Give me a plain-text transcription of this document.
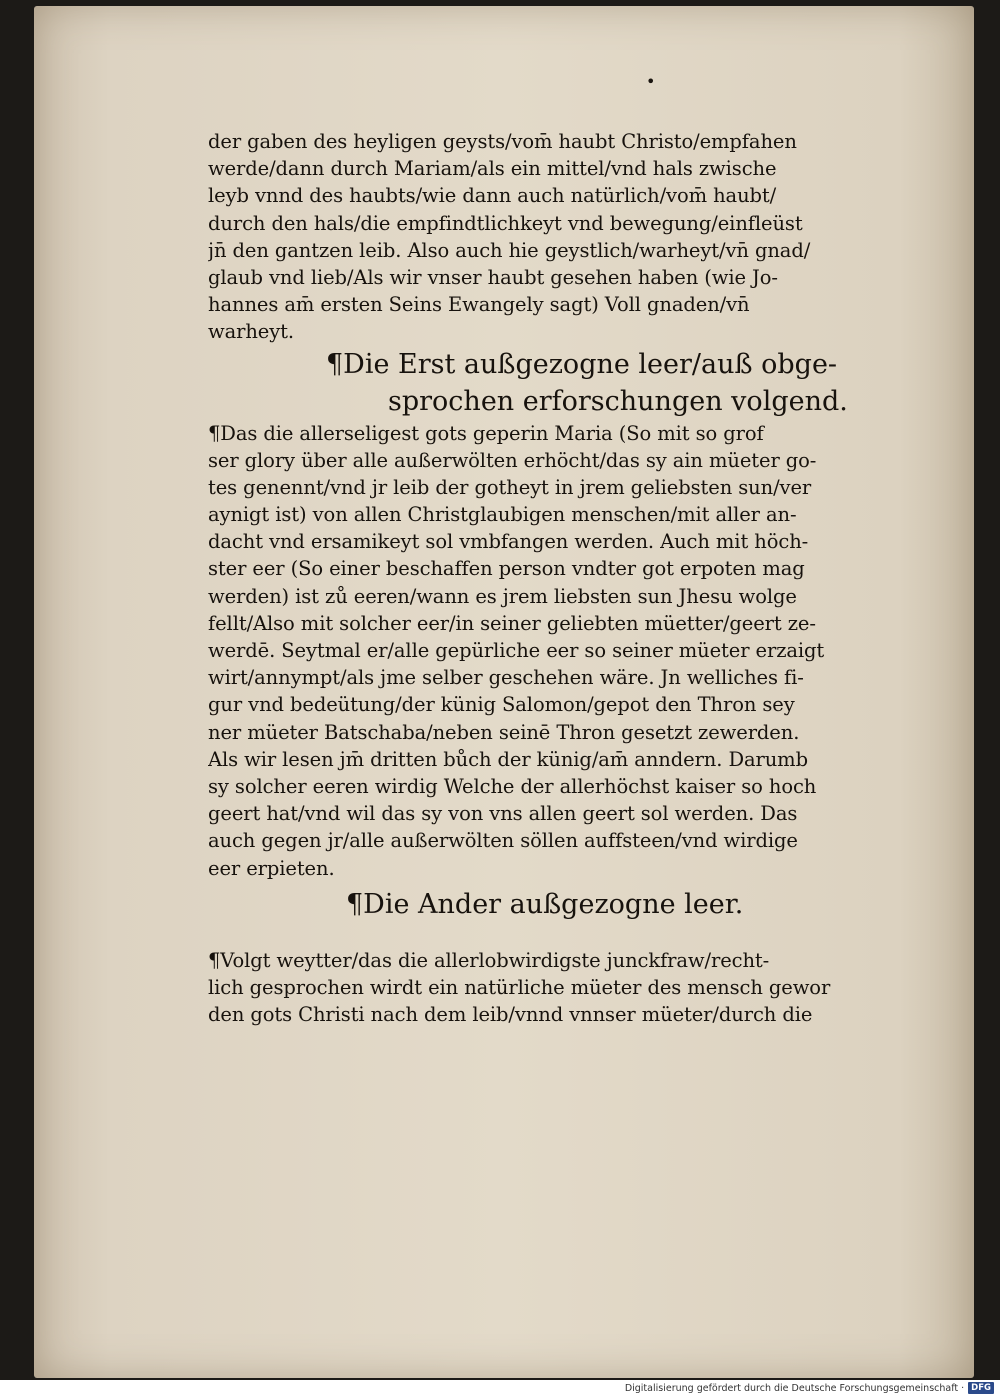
•
der gaben des heyligen geysts/vom̄ haubt Christo/empfahen
werde/dann durch Mariam/als ein mittel/vnd hals zwische
leyb vnnd des haubts/wie dann auch natürlich/vom̄ haubt/
durch den hals/die empfindtlichkeyt vnd bewegung/einfleüst
jn̄ den gantzen leib. Also auch hie geystlich/warheyt/vn̄ gnad/
glaub vnd lieb/Als wir vnser haubt gesehen haben (wie Jo-
hannes am̄ ersten Seins Ewangely sagt) Voll gnaden/vn̄
warheyt.
¶Die Erst außgezogne leer/auß obge-
sprochen erforschungen volgend.
¶Das die allerseligest gots geperin Maria (So mit so grof
ser glory über alle außerwölten erhöcht/das sy ain müeter go-
tes genennt/vnd jr leib der gotheyt in jrem geliebsten sun/ver
aynigt ist) von allen Christglaubigen menschen/mit aller an-
dacht vnd ersamikeyt sol vmbfangen werden. Auch mit höch-
ster eer (So einer beschaffen person vndter got erpoten mag
werden) ist zů eeren/wann es jrem liebsten sun Jhesu wolge
fellt/Also mit solcher eer/in seiner geliebten müetter/geert ze-
werdē. Seytmal er/alle gepürliche eer so seiner müeter erzaigt
wirt/annympt/als jme selber geschehen wäre. Jn welliches fi-
gur vnd bedeütung/der künig Salomon/gepot den Thron sey
ner müeter Batschaba/neben seinē Thron gesetzt zewerden.
Als wir lesen jm̄ dritten bůch der künig/am̄ anndern. Darumb
sy solcher eeren wirdig Welche der allerhöchst kaiser so hoch
geert hat/vnd wil das sy von vns allen geert sol werden. Das
auch gegen jr/alle außerwölten söllen auffsteen/vnd wirdige
eer erpieten.
¶Die Ander außgezogne leer.
¶Volgt weytter/das die allerlobwirdigste junckfraw/recht-
lich gesprochen wirdt ein natürliche müeter des mensch gewor
den gots Christi nach dem leib/vnnd vnnser müeter/durch die
Digitalisierung gefördert durch die Deutsche Forschungsgemeinschaft · DFG
